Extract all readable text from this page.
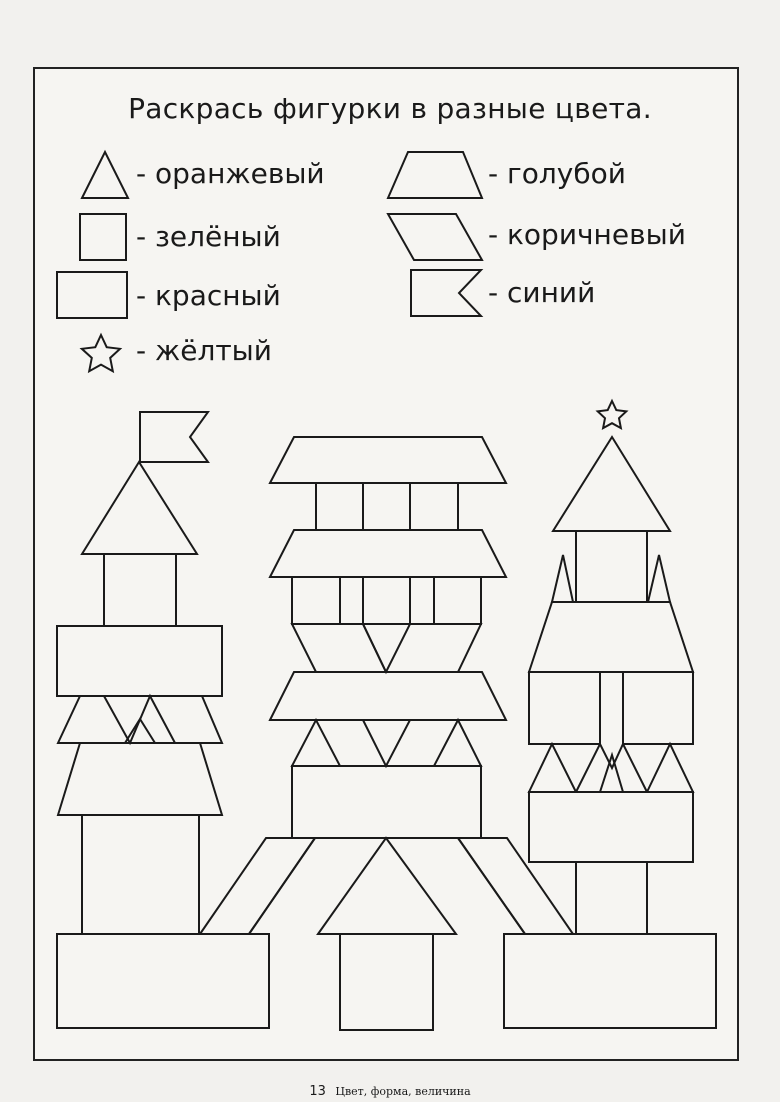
Раскрась фигурки в разные цвета.
- оранжевый
- зелёный
- красный
- жёлтый
- голубой
- коричневый
- синий
13 Цвет, форма, величина
